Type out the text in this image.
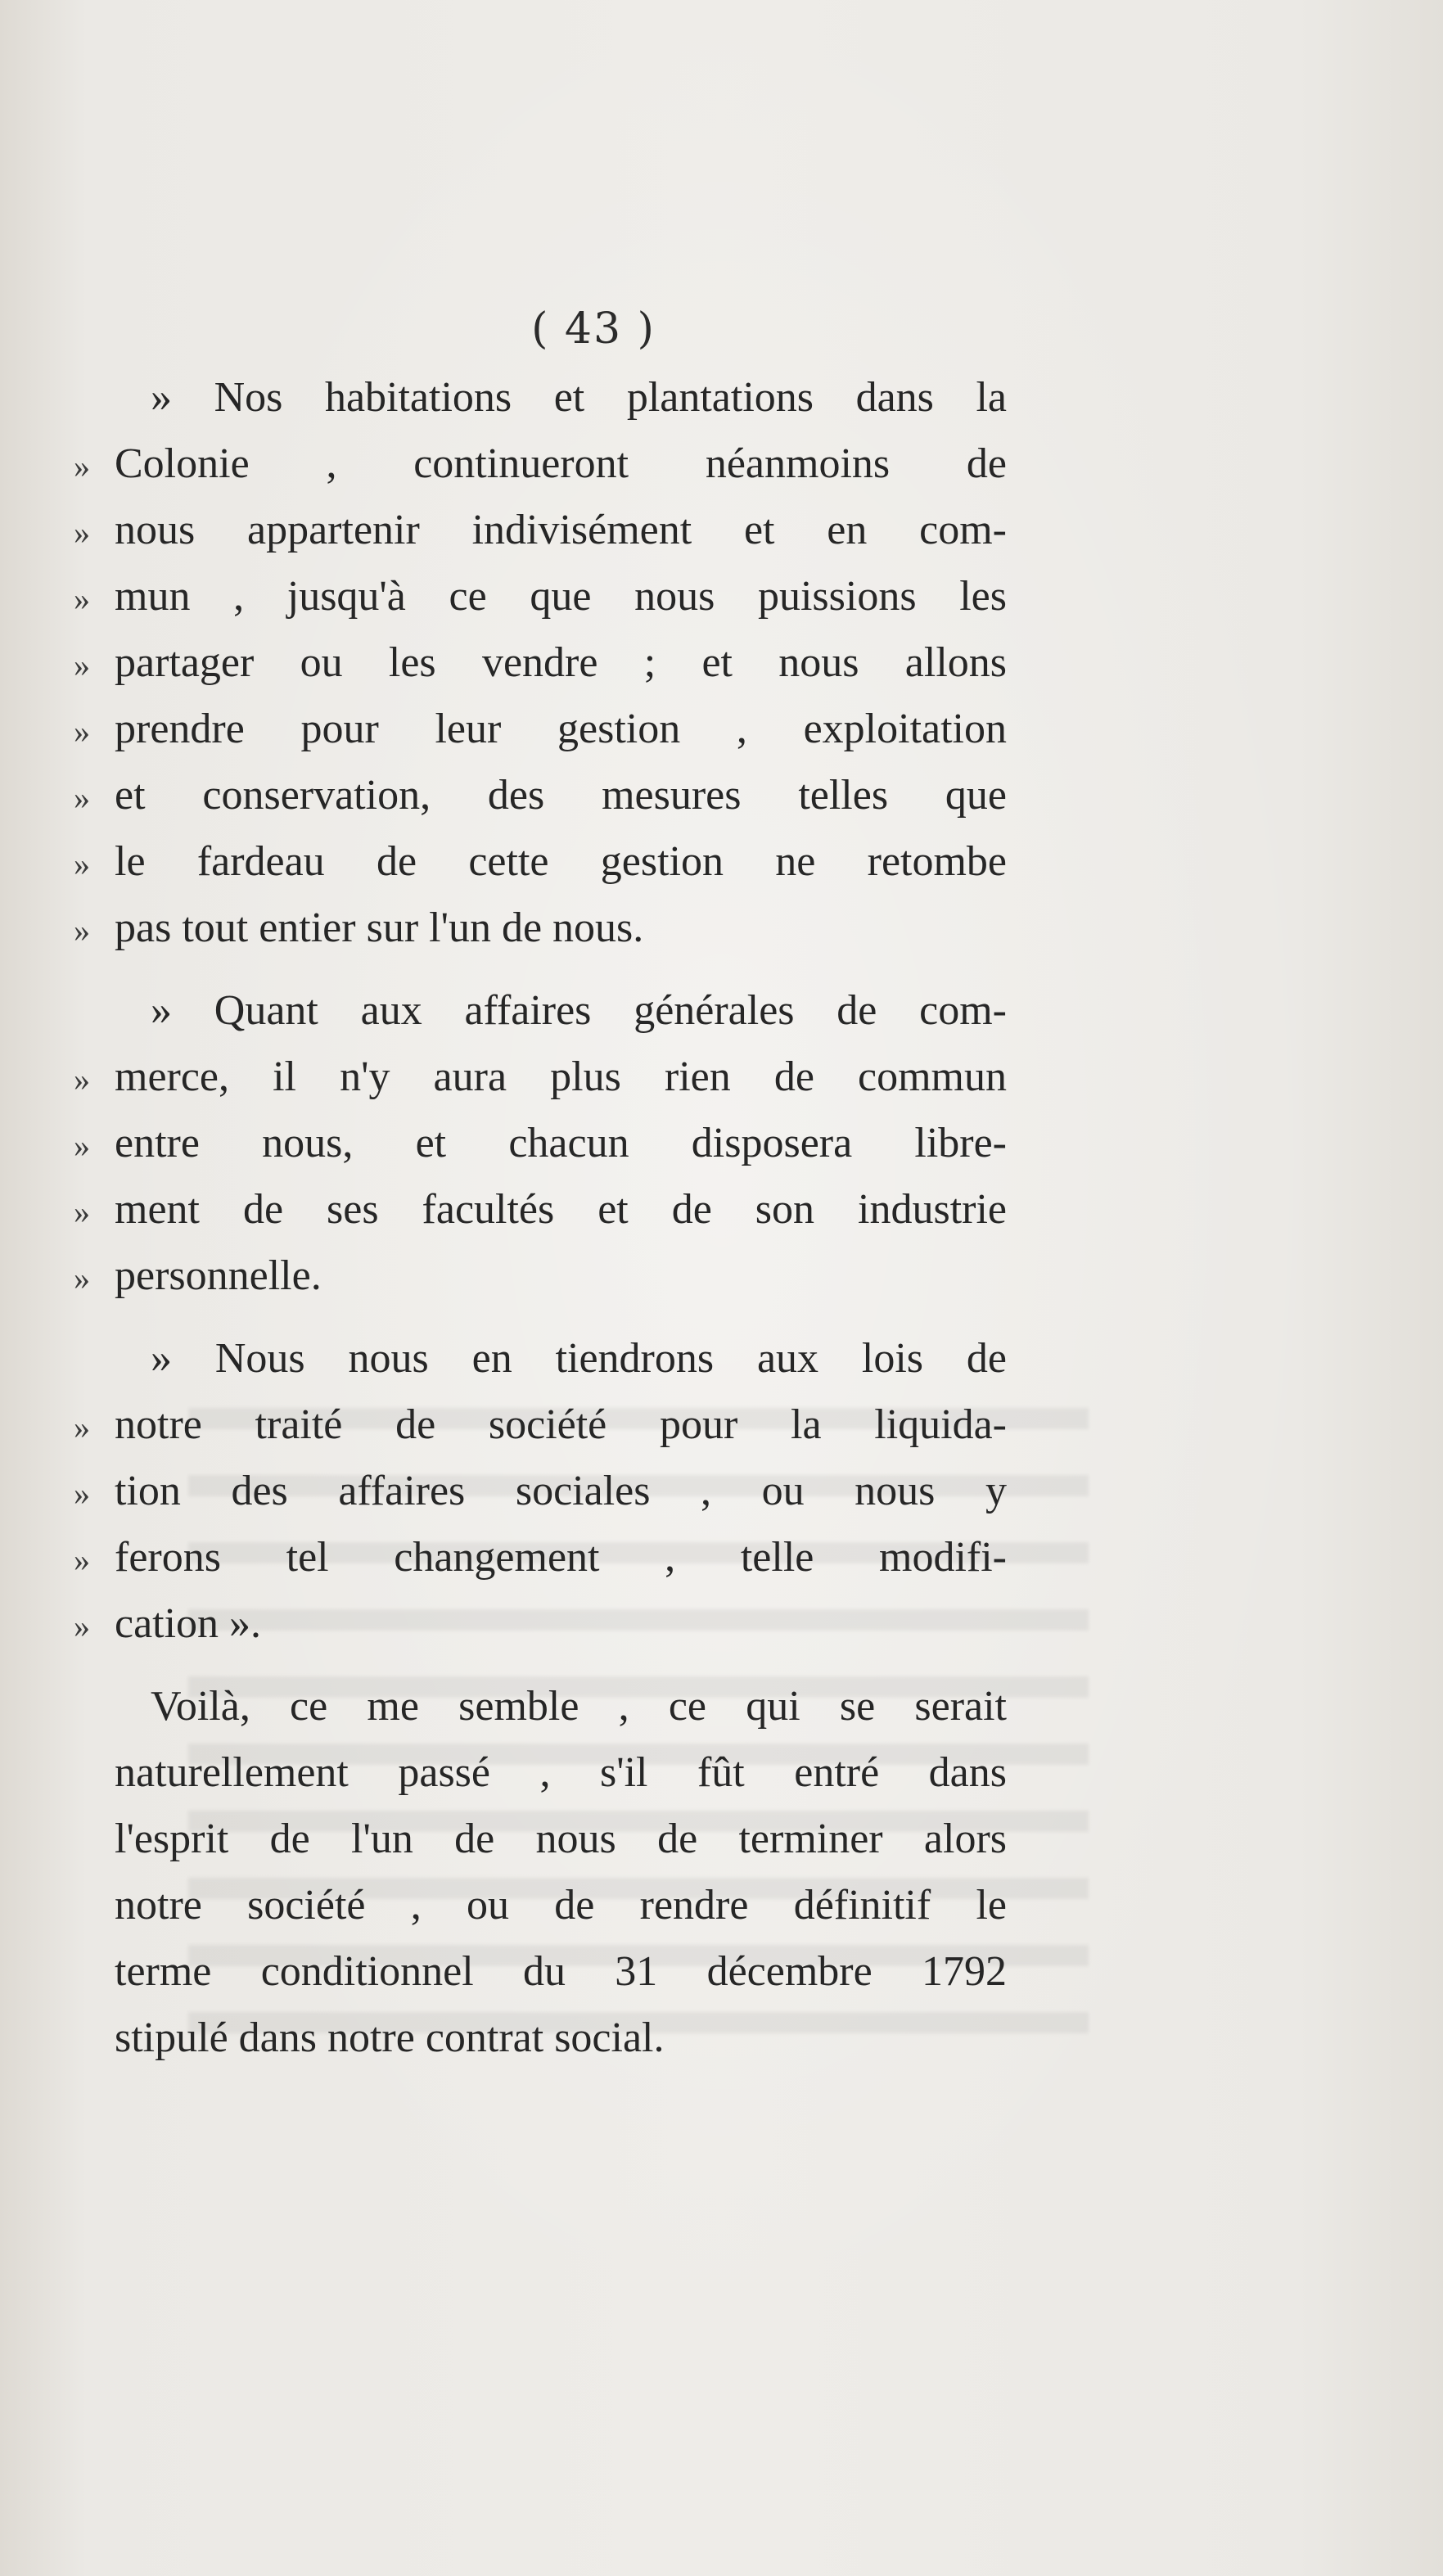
( 43 )
» Nos habitations et plantations dans la
» Colonie , continueront néanmoins de
» nous appartenir indivisément et en com-
» mun , jusqu'à ce que nous puissions les
» partager ou les vendre ; et nous allons
» prendre pour leur gestion , exploitation
» et conservation, des mesures telles que
» le fardeau de cette gestion ne retombe
» pas tout entier sur l'un de nous.
» Quant aux affaires générales de com-
» merce, il n'y aura plus rien de commun
» entre nous, et chacun disposera libre-
» ment de ses facultés et de son industrie
» personnelle.
» Nous nous en tiendrons aux lois de
» notre traité de société pour la liquida-
» tion des affaires sociales , ou nous y
» ferons tel changement , telle modifi-
» cation ».
Voilà, ce me semble , ce qui se serait
naturellement passé , s'il fût entré dans
l'esprit de l'un de nous de terminer alors
notre société , ou de rendre définitif le
terme conditionnel du 31 décembre 1792
stipulé dans notre contrat social.
